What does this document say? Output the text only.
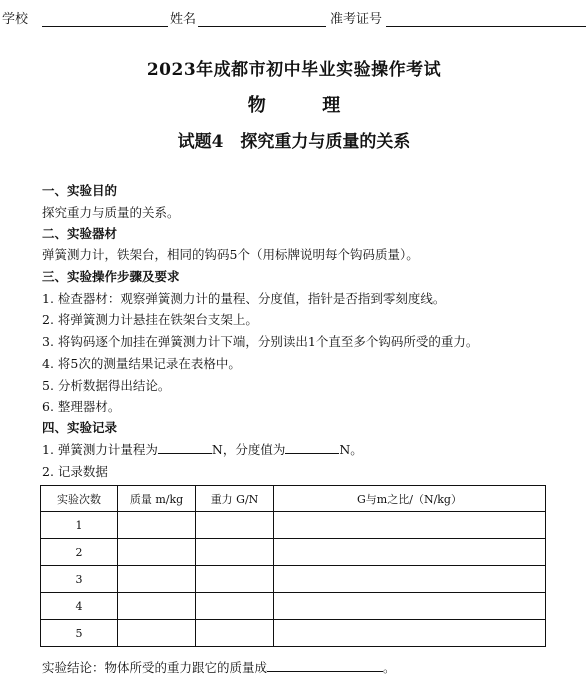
学校	姓名	准考证号
2023年成都市初中毕业实验操作考试
物	理
试题4　探究重力与质量的关系
一、实验目的
探究重力与质量的关系。
二、实验器材
弹簧测力计，铁架台，相同的钩码5个（用标牌说明每个钩码质量）。
三、实验操作步骤及要求
1. 检查器材：观察弹簧测力计的量程、分度值，指针是否指到零刻度线。
2. 将弹簧测力计悬挂在铁架台支架上。
3. 将钩码逐个加挂在弹簧测力计下端，分别读出1个直至多个钩码所受的重力。
4. 将5次的测量结果记录在表格中。
5. 分析数据得出结论。
6. 整理器材。
四、实验记录
1. 弹簧测力计量程为	N，分度值为	N。
2. 记录数据
实验次数	质量 m/kg	重力 G/N	G与m之比/（N/kg）
1			
2			
3			
4			
5			
实验结论：物体所受的重力跟它的质量成	。
